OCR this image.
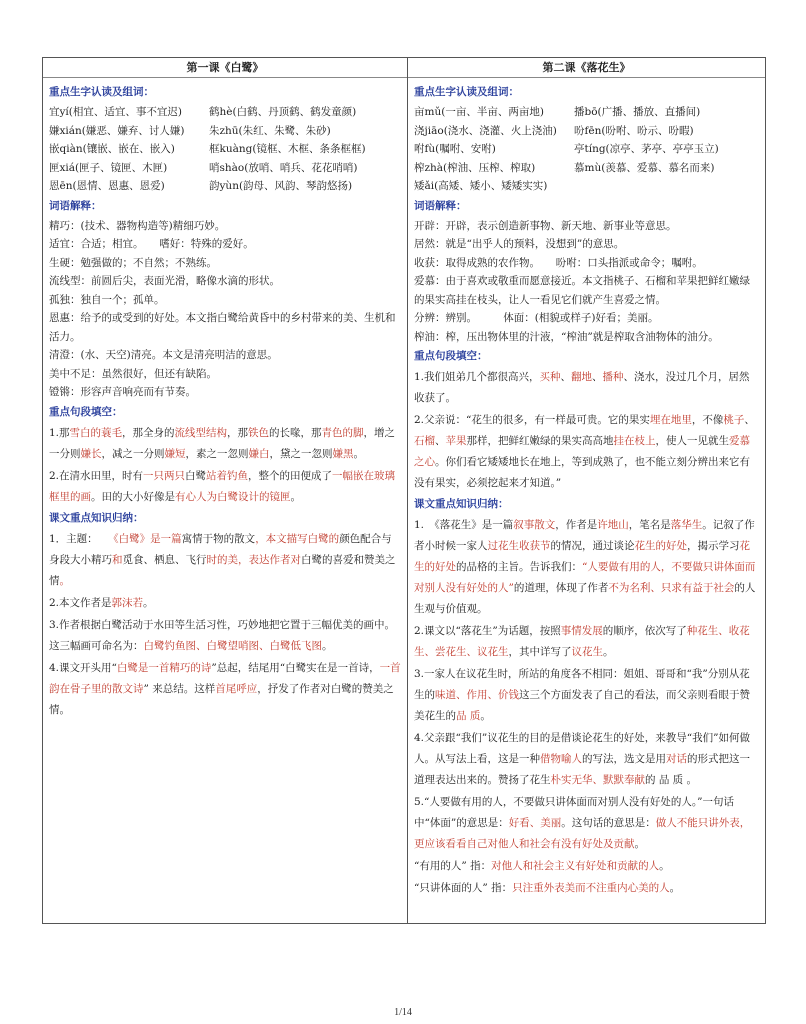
第一课《白鹭》
重点生字认读及组词：
宜yí(相宜、适宜、事不宜迟)	鹤hè(白鹤、丹顶鹤、鹤发童颜)
嫌xián(嫌恶、嫌弃、讨人嫌) 朱zhū(朱红、朱鹭、朱砂)
嵌qiàn(镶嵌、嵌在、嵌入)	框kuàng(镜框、木框、条条框框)
匣xiá(匣子、镜匣、木匣)	哨shào(放哨、哨兵、花花哨哨)
恩ēn(恩情、恩惠、恩爱)	韵yùn(韵母、风韵、琴韵悠扬)
词语解释：
精巧：(技术、器物构造等)精细巧妙。
适宜：合适；相宜。　　嗜好：特殊的爱好。
生硬：勉强做的；不自然；不熟练。
流线型：前圆后尖，表面光滑，略像水滴的形状。
孤独：独自一个；孤单。
恩惠：给予的或受到的好处。本文指白鹭给黄昏中的乡村带来的美、生机和活力。
清澄：(水、天空)清亮。本文是清亮明洁的意思。
美中不足：虽然很好，但还有缺陷。
镫锵：形容声音响亮而有节奏。
重点句段填空：
1.那雪白的蓑毛，那全身的流线型结构，那铁色的长喙，那青色的脚，增之一分则嫌长，减之一分则嫌短，素之一忽则嫌白，黛之一忽则嫌黑。
2.在清水田里，时有一只两只白鹭站着钓鱼，整个的田便成了一幅嵌在玻璃框里的画。田的大小好像是有心人为白鹭设计的镜匣。
课文重点知识归纳：
1．主题：　　《白鹭》是一篇寓情于物的散文，本文描写白鹭的颜色配合与身段大小精巧和觅食、栖息、飞行时的美，表达作者对白鹭的喜爱和赞美之情。
2.本文作者是郭沫若。
3.作者根据白鹭活动于水田等生活习性，巧妙地把它置于三幅优美的画中。这三幅画可命名为：白鹭钓鱼图、白鹭望哨图、白鹭低飞图。
4.课文开头用“白鹭是一首精巧的诗”总起，结尾用“白鹭实在是一首诗，一首韵在骨子里的散文诗” 来总结。这样首尾呼应，抒发了作者对白鹭的赞美之情。
第二课《落花生》
重点生字认读及组词：
亩mǔ(一亩、半亩、两亩地)	播bō(广播、播放、直播间)
浇jiāo(浇水、浇灌、火上浇油) 吩fēn(吩咐、吩示、吩暇)
咐fù(嘱咐、安咐)	亭tíng(凉亭、茅亭、亭亭玉立)
榨zhà(榨油、压榨、榨取)	慕mù(羡慕、爱慕、慕名而来)
矮ǎi(高矮、矮小、矮矮实实)
词语解释：
开辟：开辟，表示创造新事物、新天地、新事业等意思。
居然：就是“出乎人的预料，没想到”的意思。
收获：取得成熟的农作物。　　吩咐：口头指派或命令；嘱咐。
爱慕：由于喜欢或敬重而愿意接近。本文指桃子、石榴和苹果把鲜红嫩绿的果实高挂在枝头，让人一看见它们就产生喜爱之情。
分辨：辨别。　　　体面：(相貌或样子)好看；美丽。
榨油：榨，压出物体里的汁液，“榨油”就是榨取含油物体的油分。
重点句段填空：
1.我们姐弟几个都很高兴，买种、翻地、播种、浇水，没过几个月，居然收获了。
2.父亲说：“花生的很多，有一样最可贵。它的果实埋在地里，不像桃子、石榴、苹果那样，把鲜红嫩绿的果实高高地挂在枝上，使人一见就生爱慕之心。你们看它矮矮地长在地上，等到成熟了，也不能立刻分辨出来它有没有果实，必须挖起来才知道。”
课文重点知识归纳：
1.　《落花生》是一篇叙事散文，作者是许地山，笔名是落华生。记叙了作者小时候一家人过花生收获节的情况，通过谈论花生的好处，揭示学习花生的好处的品格的主旨。告诉我们：“人要做有用的人，不要做只讲体面而对别人没有好处的人”的道理，体现了作者不为名利、只求有益于社会的人生观与价值观。
2.课文以“落花生”为话题，按照事情发展的顺序，依次写了种花生、收花生、尝花生、议花生，其中详写了议花生。
3.一家人在议花生时，所站的角度各不相同：姐姐、哥哥和“我”分别从花生的味道、作用、价钱这三个方面发表了自己的看法，而父亲则看眼于赞美花生的品 质。
4.父亲跟“我们”议花生的目的是借谈论花生的好处，来教导“我们”如何做人。从写法上看，这是一种借物喻人的写法，选文是用对话的形式把这一道理表达出来的。赞扬了花生朴实无华、默默奉献的 品 质 。
5.“人要做有用的人，不要做只讲体面而对别人没有好处的人。”一句话中“体面”的意思是：好看、美丽。这句话的意思是：做人不能只讲外表，更应该看看自己对他人和社会有没有好处及贡献。
“有用的人” 指：对他人和社会主义有好处和贡献的人。
“只讲体面的人” 指：只注重外表美而不注重内心美的人。
1/14
